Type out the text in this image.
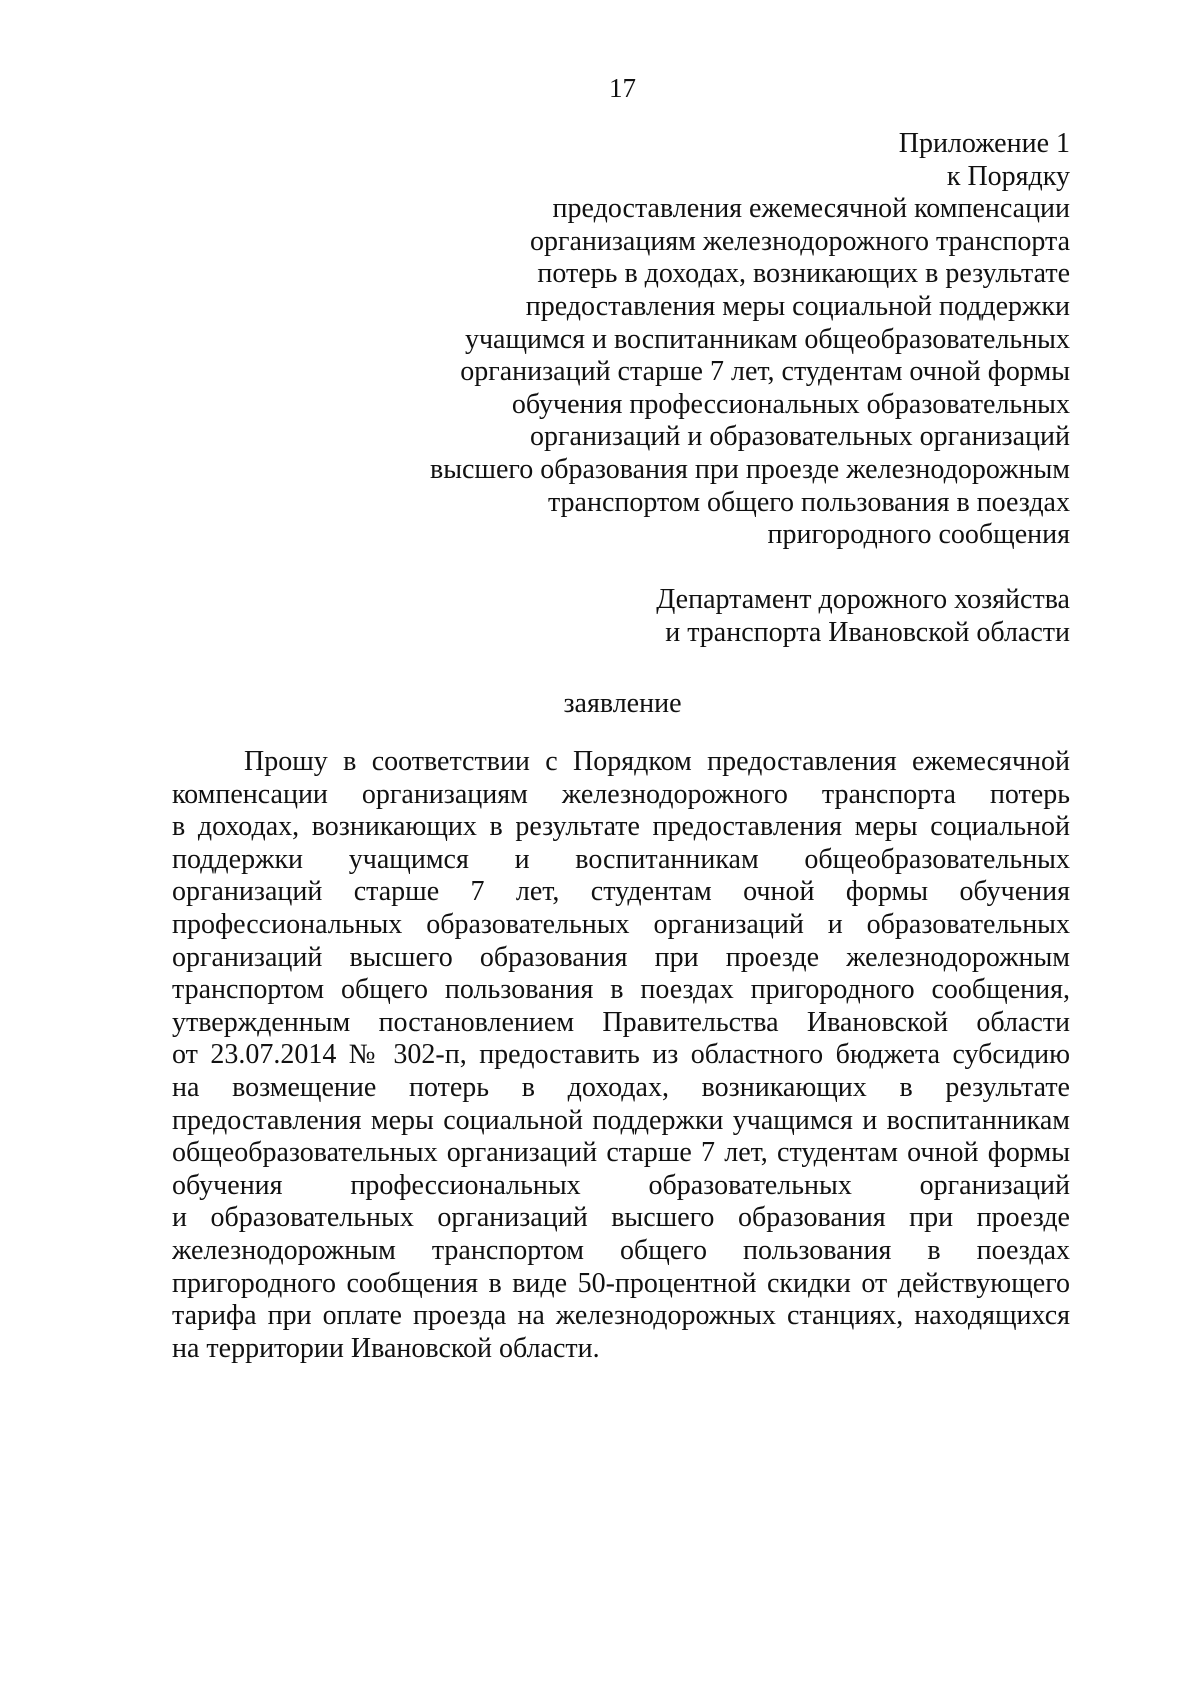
17
Приложение 1
к Порядку
предоставления ежемесячной компенсации
организациям железнодорожного транспорта
потерь в доходах, возникающих в результате
предоставления меры социальной поддержки
учащимся и воспитанникам общеобразовательных
организаций старше 7 лет, студентам очной формы
обучения профессиональных образовательных
организаций и образовательных организаций
высшего образования при проезде железнодорожным
транспортом общего пользования в поездах
пригородного сообщения
Департамент дорожного хозяйства
и транспорта Ивановской области
заявление
Прошу в соответствии с Порядком предоставления ежемесячной
компенсации организациям железнодорожного транспорта потерь
в доходах, возникающих в результате предоставления меры социальной
поддержки учащимся и воспитанникам общеобразовательных
организаций старше 7 лет, студентам очной формы обучения
профессиональных образовательных организаций и образовательных
организаций высшего образования при проезде железнодорожным
транспортом общего пользования в поездах пригородного сообщения,
утвержденным постановлением Правительства Ивановской области
от 23.07.2014 № 302-п, предоставить из областного бюджета субсидию
на возмещение потерь в доходах, возникающих в результате
предоставления меры социальной поддержки учащимся и воспитанникам
общеобразовательных организаций старше 7 лет, студентам очной формы
обучения профессиональных образовательных организаций
и образовательных организаций высшего образования при проезде
железнодорожным транспортом общего пользования в поездах
пригородного сообщения в виде 50-процентной скидки от действующего
тарифа при оплате проезда на железнодорожных станциях, находящихся
на территории Ивановской области.
